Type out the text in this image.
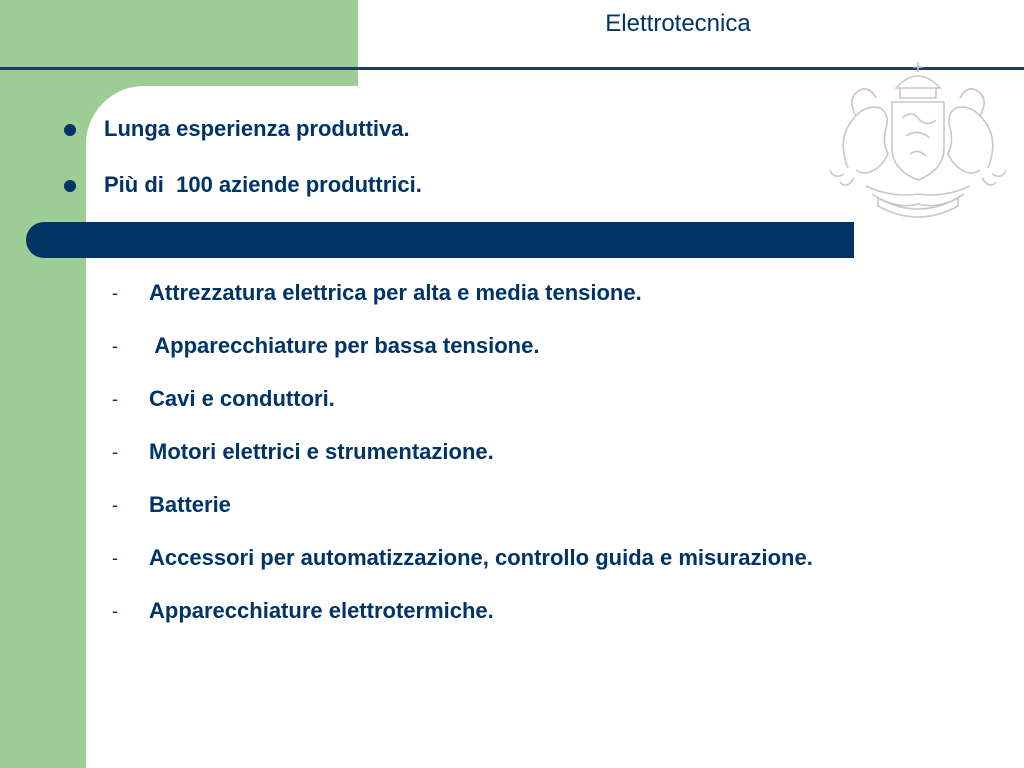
Elettrotecnica
Lunga esperienza produttiva.
Più di  100 aziende produttrici.
-	Attrezzatura elettrica per alta e media tensione.
-	Apparecchiature per bassa tensione.
-	Cavi e conduttori.
-	Motori elettrici e strumentazione.
-	Batterie
-	Accessori per automatizzazione, controllo guida e misurazione.
-	Apparecchiature elettrotermiche.
